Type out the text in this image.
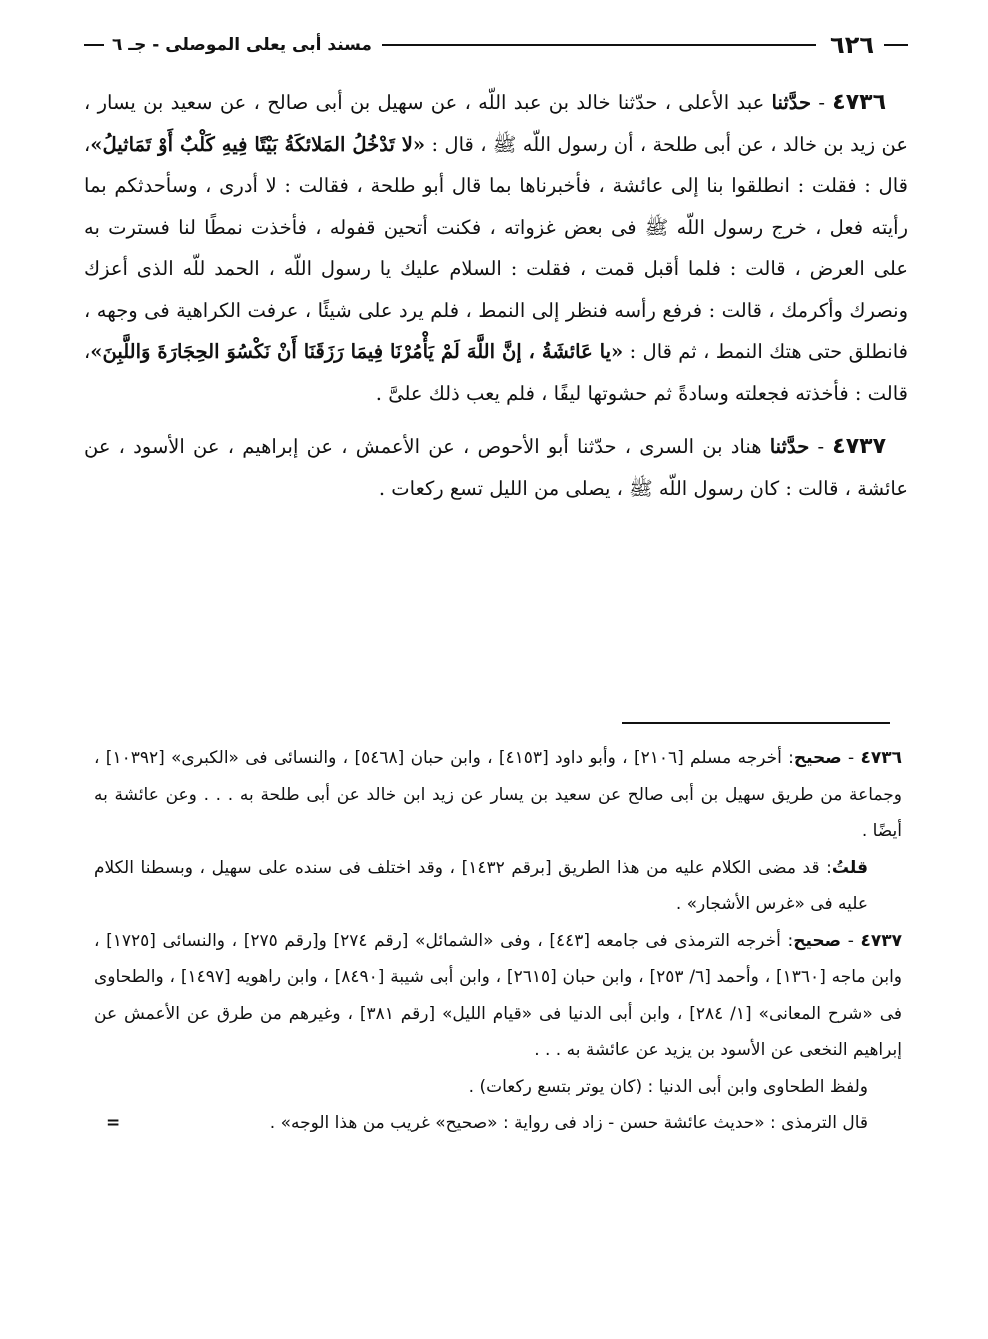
٦٢٦
مسند أبى يعلى الموصلى - جـ ٦

٤٧٣٦ - حدَّثنا عبد الأعلى ، حدّثنا خالد بن عبد اللّه ، عن سهيل بن أبى صالح ، عن سعيد بن يسار ، عن زيد بن خالد ، عن أبى طلحة ، أن رسول اللّه ﷺ ، قال : «لا تَدْخُلُ المَلائكَةُ بَيْتًا فِيهِ كَلْبٌ أَوْ تَمَاثيلُ»، قال : فقلت : انطلقوا بنا إلى عائشة ، فأخبرناها بما قال أبو طلحة ، فقالت : لا أدرى ، وسأحدثكم بما رأيته فعل ، خرج رسول اللّه ﷺ فى بعض غزواته ، فكنت أتحين قفوله ، فأخذت نمطًا لنا فسترت به على العرض ، قالت : فلما أقبل قمت ، فقلت : السلام عليك يا رسول اللّه ، الحمد للّه الذى أعزك ونصرك وأكرمك ، قالت : فرفع رأسه فنظر إلى النمط ، فلم يرد على شيئًا ، عرفت الكراهية فى وجهه ، فانطلق حتى هتك النمط ، ثم قال : «يا عَائشَةُ ، إنَّ اللَّهَ لَمْ يَأْمُرْنَا فِيمَا رَزَقَنَا أَنْ نَكْسُوَ الحِجَارَةَ وَاللَّبِنَ»، قالت : فأخذته فجعلته وسادةً ثم حشوتها ليفًا ، فلم يعب ذلك علىَّ .

٤٧٣٧ - حدَّثنا هناد بن السرى ، حدّثنا أبو الأحوص ، عن الأعمش ، عن إبراهيم ، عن الأسود ، عن عائشة ، قالت : كان رسول اللّه ﷺ ، يصلى من الليل تسع ركعات .

٤٧٣٦ - صحيح: أخرجه مسلم [٢١٠٦] ، وأبو داود [٤١٥٣] ، وابن حبان [٥٤٦٨] ، والنسائى فى «الكبرى» [١٠٣٩٢] ، وجماعة من طريق سهيل بن أبى صالح عن سعيد بن يسار عن زيد ابن خالد عن أبى طلحة به . . . وعن عائشة به أيضًا .

قلتُ: قد مضى الكلام عليه من هذا الطريق [برقم ١٤٣٢] ، وقد اختلف فى سنده على سهيل ، وبسطنا الكلام عليه فى «غرس الأشجار» .

٤٧٣٧ - صحيح: أخرجه الترمذى فى جامعه [٤٤٣] ، وفى «الشمائل» [رقم ٢٧٤] و[رقم ٢٧٥] ، والنسائى [١٧٢٥] ، وابن ماجه [١٣٦٠] ، وأحمد [٦/ ٢٥٣] ، وابن حبان [٢٦١٥] ، وابن أبى شيبة [٨٤٩٠] ، وابن راهويه [١٤٩٧] ، والطحاوى فى «شرح المعانى» [١/ ٢٨٤] ، وابن أبى الدنيا فى «قيام الليل» [رقم ٣٨١] ، وغيرهم من طرق عن الأعمش عن إبراهيم النخعى عن الأسود بن يزيد عن عائشة به . . .

ولفظ الطحاوى وابن أبى الدنيا : (كان يوتر بتسع ركعات) .

قال الترمذى : «حديث عائشة حسن - زاد فى رواية : «صحيح» غريب من هذا الوجه» .
=
